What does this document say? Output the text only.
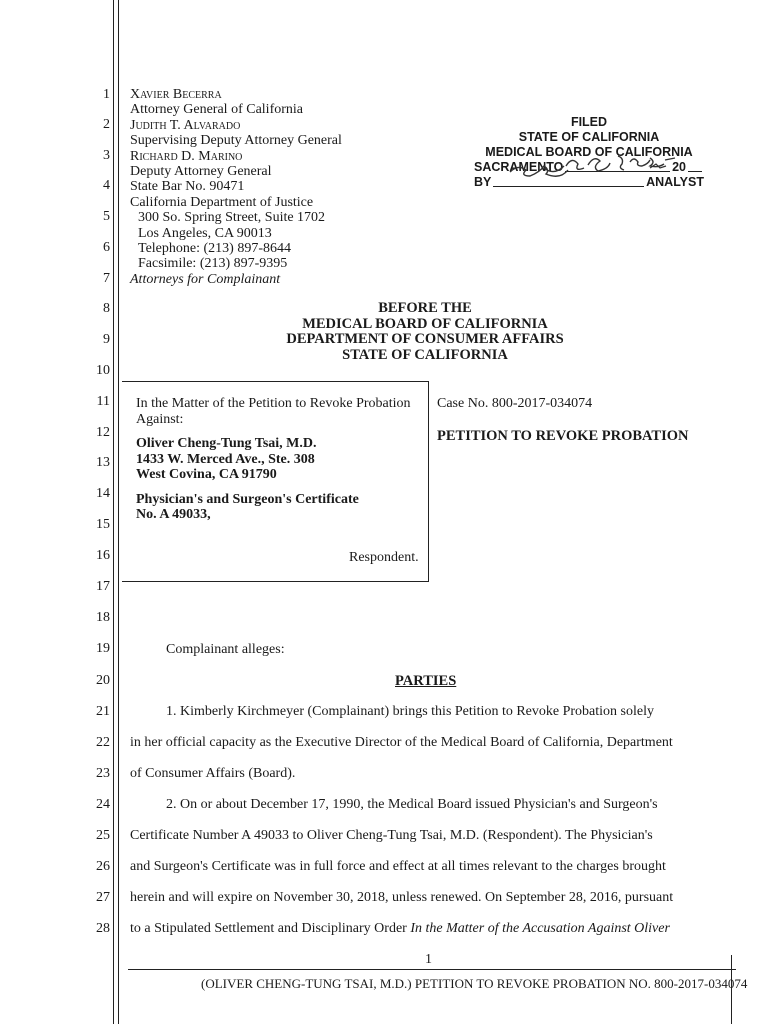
1
2
3
4
5
6
7
8
9
10
11
12
13
14
15
16
17
18
19
20
21
22
23
24
25
26
27
28
Xavier Becerra
Attorney General of California
Judith T. Alvarado
Supervising Deputy Attorney General
Richard D. Marino
Deputy Attorney General
State Bar No. 90471
California Department of Justice
300 So. Spring Street, Suite 1702
Los Angeles, CA 90013
Telephone: (213) 897-8644
Facsimile: (213) 897-9395
Attorneys for Complainant
FILED
STATE OF CALIFORNIA
MEDICAL BOARD OF CALIFORNIA
SACRAMENTO	20
BY	ANALYST
BEFORE THE
MEDICAL BOARD OF CALIFORNIA
DEPARTMENT OF CONSUMER AFFAIRS
STATE OF CALIFORNIA
In the Matter of the Petition to Revoke Probation Against:
Oliver Cheng-Tung Tsai, M.D.
1433 W. Merced Ave., Ste. 308
West Covina, CA 91790
Physician's and Surgeon's Certificate
No. A 49033,
Respondent.
Case No. 800-2017-034074
PETITION TO REVOKE PROBATION
Complainant alleges:
PARTIES
1. Kimberly Kirchmeyer (Complainant) brings this Petition to Revoke Probation solely
in her official capacity as the Executive Director of the Medical Board of California, Department
of Consumer Affairs (Board).
2. On or about December 17, 1990, the Medical Board issued Physician's and Surgeon's
Certificate Number A 49033 to Oliver Cheng-Tung Tsai, M.D. (Respondent). The Physician's
and Surgeon's Certificate was in full force and effect at all times relevant to the charges brought
herein and will expire on November 30, 2018, unless renewed. On September 28, 2016, pursuant
to a Stipulated Settlement and Disciplinary Order In the Matter of the Accusation Against Oliver
1
(OLIVER CHENG-TUNG TSAI, M.D.) PETITION TO REVOKE PROBATION NO. 800-2017-034074
